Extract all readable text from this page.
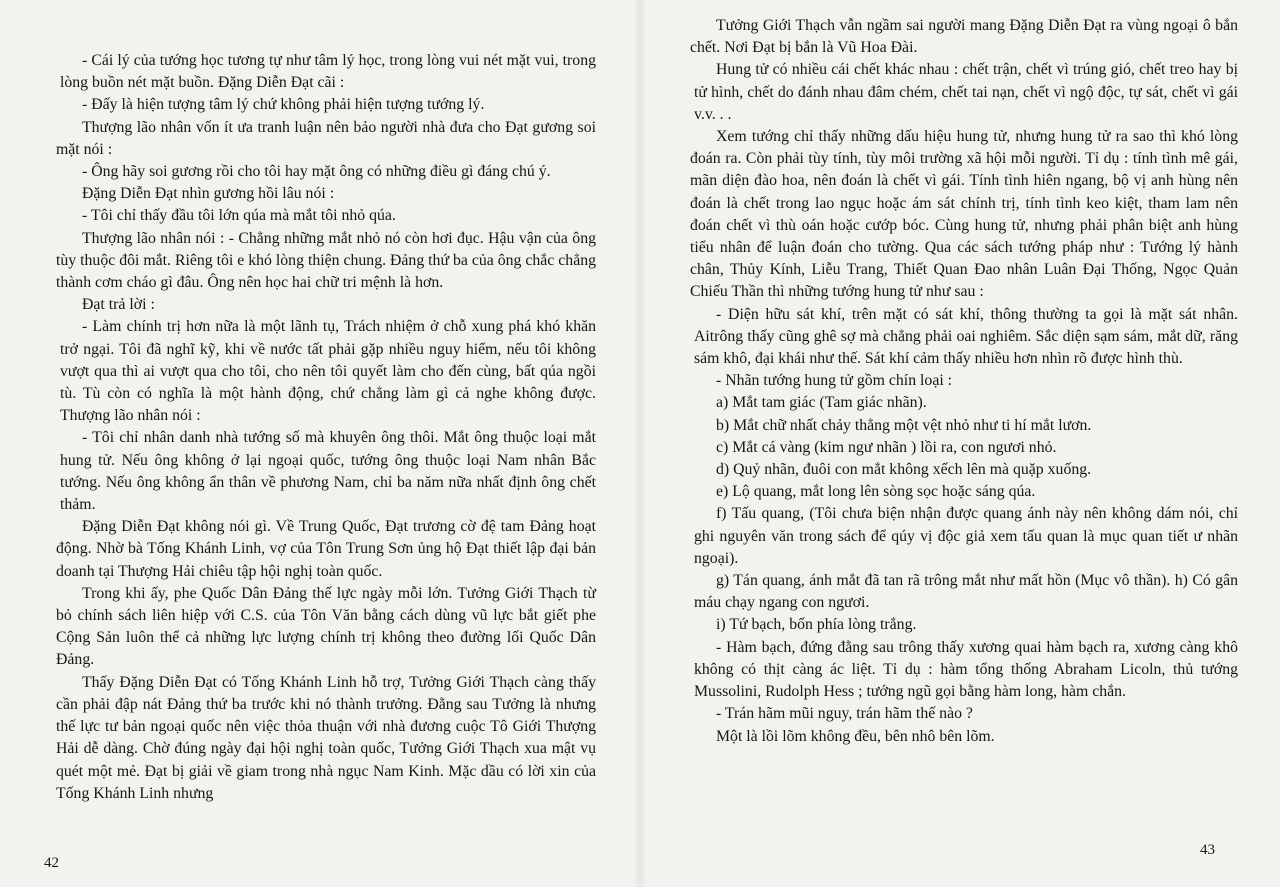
- Cái lý của tướng học tương tự như tâm lý học, trong lòng vui nét mặt vui, trong lòng buồn nét mặt buồn. Đặng Diễn Đạt cãi :

- Đấy là hiện tượng tâm lý chứ không phải hiện tượng tướng lý.

Thượng lão nhân vốn ít ưa tranh luận nên bảo người nhà đưa cho Đạt gương soi mặt nói :

- Ông hãy soi gương rồi cho tôi hay mặt ông có những điều gì đáng chú ý.

Đặng Diễn Đạt nhìn gương hồi lâu nói :

- Tôi chỉ thấy đầu tôi lớn qúa mà mắt tôi nhỏ qúa.

Thượng lão nhân nói : - Chẳng những mắt nhỏ nó còn hơi đục. Hậu vận của ông tùy thuộc đôi mắt. Riêng tôi e khó lòng thiện chung. Đảng thứ ba của ông chắc chẳng thành cơm cháo gì đâu. Ông nên học hai chữ tri mệnh là hơn.

Đạt trả lời :

- Làm chính trị hơn nữa là một lãnh tụ, Trách nhiệm ở chỗ xung phá khó khăn trở ngại. Tôi đã nghĩ kỹ, khi về nước tất phải gặp nhiều nguy hiểm, nếu tôi không vượt qua thì ai vượt qua cho tôi, cho nên tôi quyết làm cho đến cùng, bất qúa ngồi tù. Tù còn có nghĩa là một hành động, chứ chẳng làm gì cả nghe không được. Thượng lão nhân nói :

- Tôi chỉ nhân danh nhà tướng số mà khuyên ông thôi. Mắt ông thuộc loại mắt hung tử. Nếu ông không ở lại ngoại quốc, tướng ông thuộc loại Nam nhân Bắc tướng. Nếu ông không ẩn thân về phương Nam, chỉ ba năm nữa nhất định ông chết thảm.

Đặng Diễn Đạt không nói gì. Về Trung Quốc, Đạt trương cờ đệ tam Đảng hoạt động. Nhờ bà Tống Khánh Linh, vợ của Tôn Trung Sơn ủng hộ Đạt thiết lập đại bản doanh tại Thượng Hải chiêu tập hội nghị toàn quốc.

Trong khi ấy, phe Quốc Dân Đảng thế lực ngày mỗi lớn. Tưởng Giới Thạch từ bỏ chính sách liên hiệp với C.S. của Tôn Văn bằng cách dùng vũ lực bắt giết phe Cộng Sản luôn thể cả những lực lượng chính trị không theo đường lối Quốc Dân Đảng.

Thấy Đặng Diễn Đạt có Tống Khánh Linh hỗ trợ, Tưởng Giới Thạch càng thấy cần phải đập nát Đảng thứ ba trước khi nó thành trưởng. Đằng sau Tưởng là nhưng thế lực tư bản ngoại quốc nên việc thỏa thuận với nhà đương cuộc Tô Giới Thượng Hải dễ dàng. Chờ đúng ngày đại hội nghị toàn quốc, Tưởng Giới Thạch xua mật vụ quét một mẻ. Đạt bị giải về giam trong nhà ngục Nam Kinh. Mặc dầu có lời xin của Tống Khánh Linh nhưng

42

Tưởng Giới Thạch vẫn ngầm sai người mang Đặng Diễn Đạt ra vùng ngoại ô bắn chết. Nơi Đạt bị bắn là Vũ Hoa Đài.

Hung tử có nhiều cái chết khác nhau : chết trận, chết vì trúng gió, chết treo hay bị tử hình, chết do đánh nhau đâm chém, chết tai nạn, chết vì ngộ độc, tự sát, chết vì gái v.v. . .

Xem tướng chỉ thấy những dấu hiệu hung tử, nhưng hung tử ra sao thì khó lòng đoán ra. Còn phải tùy tính, tùy môi trường xã hội mỗi người. Tỉ dụ : tính tình mê gái, mãn diện đào hoa, nên đoán là chết vì gái. Tính tình hiên ngang, bộ vị anh hùng nên đoán là chết trong lao ngục hoặc ám sát chính trị, tính tình keo kiệt, tham lam nên đoán chết vì thù oán hoặc cướp bóc. Cùng hung tử, nhưng phải phân biệt anh hùng tiểu nhân để luận đoán cho tường. Qua các sách tướng pháp như : Tướng lý hành chân, Thủy Kính, Liễu Trang, Thiết Quan Đao nhân Luân Đại Thống, Ngọc Quản Chiếu Thần thì những tướng hung tử như sau :

- Diện hữu sát khí, trên mặt có sát khí, thông thường ta gọi là mặt sát nhân. Aitrông thấy cũng ghê sợ mà chẳng phải oai nghiêm. Sắc diện sạm sám, mắt dữ, răng sám khô, đại khái như thế. Sát khí cảm thấy nhiều hơn nhìn rõ được hình thù.

- Nhãn tướng hung tử gồm chín loại :

a) Mắt tam giác (Tam giác nhãn).

b) Mắt chữ nhất chảy thẳng một vệt nhỏ như ti hí mắt lươn.

c) Mắt cá vàng (kim ngư nhãn ) lồi ra, con ngươi nhỏ.

d) Quỷ nhãn, đuôi con mắt không xếch lên mà quặp xuống.

e) Lộ quang, mắt long lên sòng sọc hoặc sáng qúa.

f) Tấu quang, (Tôi chưa biện nhận được quang ánh này nên không dám nói, chỉ ghi nguyên văn trong sách để qúy vị độc giả xem tấu quan là mục quan tiết ư nhãn ngoại).

g) Tán quang, ánh mắt đã tan rã trông mắt như mất hồn (Mục vô thần). h) Có gân máu chạy ngang con ngươi.

i) Tứ bạch, bốn phía lòng trắng.

- Hàm bạch, đứng đằng sau trông thấy xương quai hàm bạch ra, xương càng khô không có thịt càng ác liệt. Tỉ dụ : hàm tổng thống Abraham Licoln, thủ tướng Mussolini, Rudolph Hess ; tướng ngũ gọi bằng hàm long, hàm chắn.

- Trán hãm mũi nguy, trán hãm thế nào ?

Một là lồi lõm không đều, bên nhô bên lõm.

43
